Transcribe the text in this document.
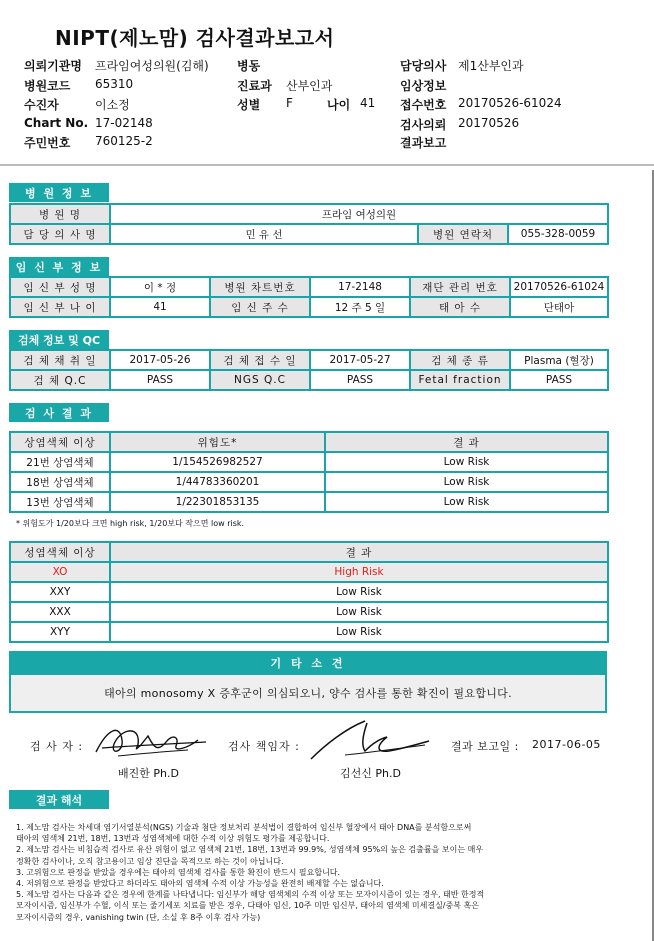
NIPT(제노맘) 검사결과보고서
의뢰기관명 프라임여성의원(김해)
병원코드 65310
수진자	이소정
Chart No. 17-02148
주민번호 760125-2
병동
진료과 산부인과
성별 F	나이 41
담당의사 제1산부인과
임상정보
접수번호 20170526-61024
검사의뢰 20170526
결과보고
병 원 정 보
병 원 명	프라임 여성의원		
담 당 의 사 명	민 유 선	병원 연락처	055-328-0059
임 신 부 정 보
임 신 부 성 명	이 * 정	병원 차트번호	17-2148	재단 관리 번호	20170526-61024
임 신 부 나 이	41	임 신 주 수	12 주 5 일	태 아 수	단태아
검체 정보 및 QC
검 체 채 취 일	2017-05-26	검 체 접 수 일	2017-05-27	검 체 종 류	Plasma (혈장)
검 체 Q.C	PASS	NGS Q.C	PASS	Fetal fraction	PASS
검 사 결 과
상염색체 이상	위험도*	결 과
21번 상염색체	1/154526982527	Low Risk
18번 상염색체	1/44783360201	Low Risk
13번 상염색체	1/22301853135	Low Risk
* 위험도가 1/20보다 크면 high risk, 1/20보다 작으면 low risk.
성염색체 이상	결 과
XO	High Risk
XXY	Low Risk
XXX	Low Risk
XYY	Low Risk
기 타 소 견
태아의 monosomy X 증후군이 의심되오니, 양수 검사를 통한 확진이 필요합니다.
검 사 자 :
배진한 Ph.D
검사 책임자 :
김선신 Ph.D
결과 보고일 : 2017-06-05
결과 해석
1. 제노맘 검사는 차세대 염기서열분석(NGS) 기술과 첨단 정보처리 분석법이 결합하여 임신부 혈장에서 태아 DNA를 분석함으로써
태아의 염색체 21번, 18번, 13번과 성염색체에 대한 수적 이상 위험도 평가를 제공합니다.
2. 제노맘 검사는 비침습적 검사로 유산 위험이 없고 염색체 21번, 18번, 13번과 99.9%, 성염색체 95%의 높은 검출률을 보이는 매우
정확한 검사이나, 오직 참고용이고 임상 진단을 목적으로 하는 것이 아닙니다.
3. 고위험으로 판정을 받았을 경우에는 태아의 염색체 검사를 통한 확진이 반드시 필요합니다.
4. 저위험으로 판정을 받았다고 하더라도 태아의 염색체 수적 이상 가능성을 완전히 배제할 수는 없습니다.
5. 제노맘 검사는 다음과 같은 경우에 한계를 나타냅니다: 임신부가 해당 염색체의 수적 이상 또는 모자이시즘이 있는 경우, 태반 한정적
모자이시즘, 임신부가 수혈, 이식 또는 줄기세포 치료를 받은 경우, 다태아 임신, 10주 미만 임신부, 태아의 염색체 미세결실/중복 혹은
모자이시즘의 경우, vanishing twin (단, 소실 후 8주 이후 검사 가능)
